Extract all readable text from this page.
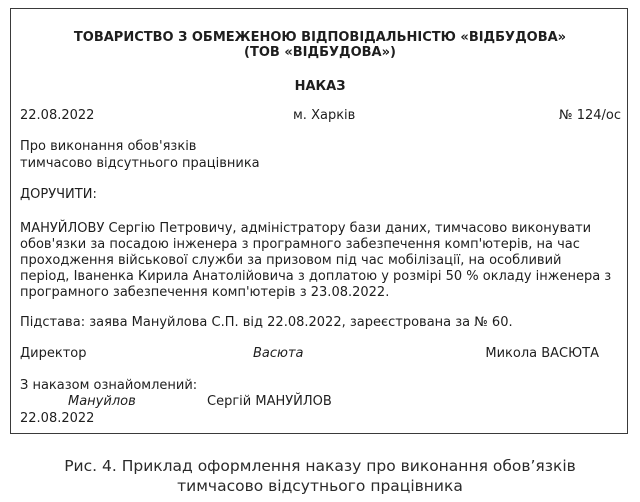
ТОВАРИСТВО З ОБМЕЖЕНОЮ ВІДПОВІДАЛЬНІСТЮ «ВІДБУДОВА»
(ТОВ «ВІДБУДОВА»)
НАКАЗ
22.08.2022	м. Харків	№ 124/ос
Про виконання обов'язків
тимчасово відсутнього працівника
ДОРУЧИТИ:
МАНУЙЛОВУ Сергію Петровичу, адміністратору бази даних, тимчасово виконувати
обов'язки за посадою інженера з програмного забезпечення комп'ютерів, на час
проходження військової служби за призовом під час мобілізації, на особливий
період, Іваненка Кирила Анатолійовича з доплатою у розмірі 50 % окладу інженера з
програмного забезпечення комп'ютерів з 23.08.2022.
Підстава: заява Мануйлова С.П. від 22.08.2022, зареєстрована за № 60.
Директор	Васюта	Микола ВАСЮТА
З наказом ознайомлений:
Мануйлов	Сергій МАНУЙЛОВ
22.08.2022
Рис. 4. Приклад оформлення наказу про виконання обов’язків
тимчасово відсутнього працівника
